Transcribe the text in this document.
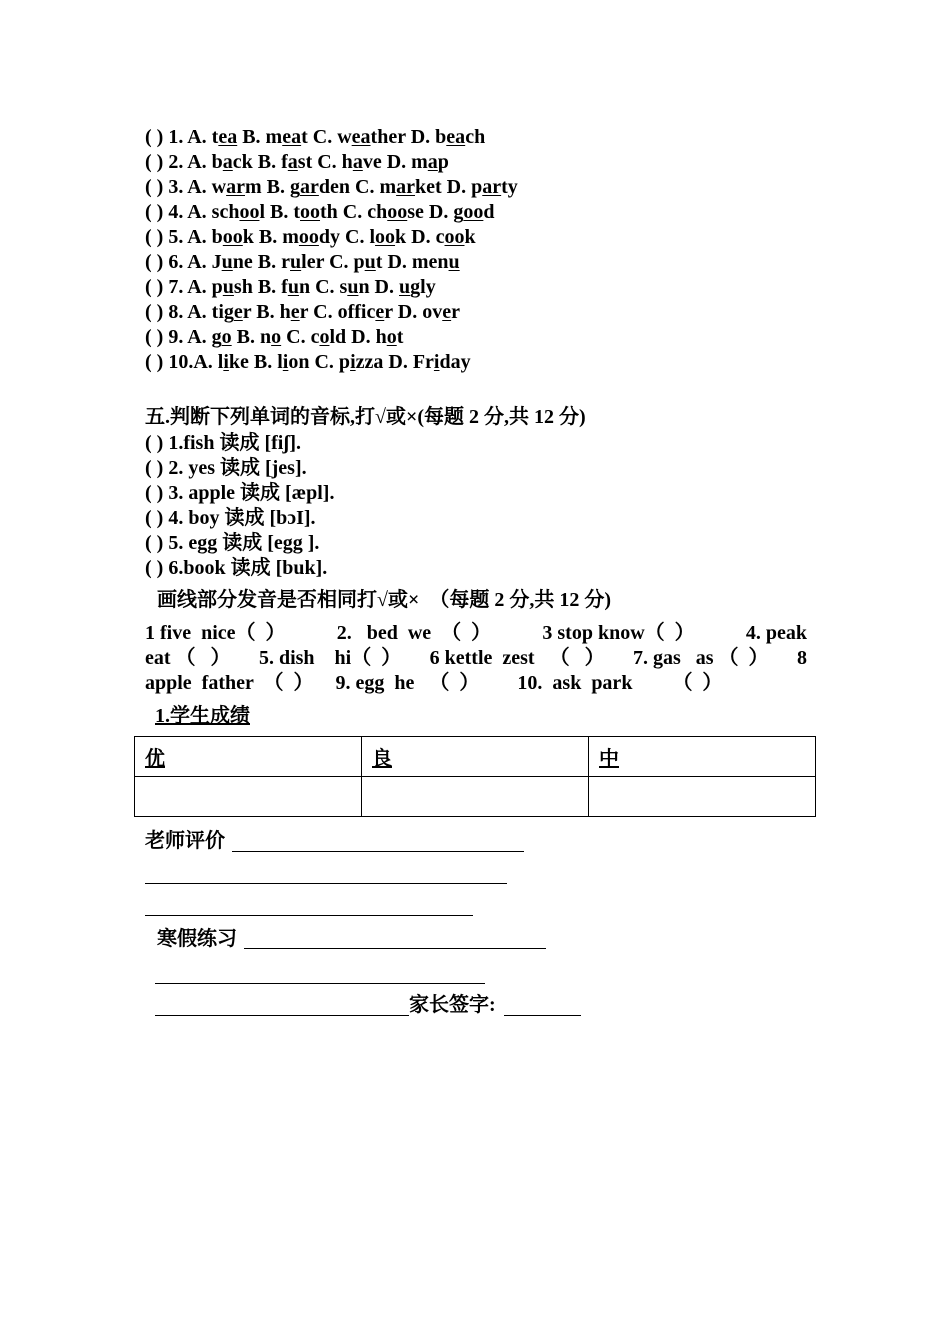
( ) 1. A. tea B. meat C. weather D. beach
( ) 2. A. back B. fast C. have D. map
( ) 3. A. warm B. garden C. market D. party
( ) 4. A. school B. tooth C. choose D. good
( ) 5. A. book B. moody C. look D. cook
( ) 6. A. June B. ruler C. put D. menu
( ) 7. A. push B. fun C. sun D. ugly
( ) 8. A. tiger B. her C. officer D. over
( ) 9. A. go B. no C. cold D. hot
( ) 10.A. like B. lion C. pizza D. Friday
五.判断下列单词的音标,打√或×(每题 2 分,共 12 分)
( ) 1.fish 读成 [fiʃ].
( ) 2. yes 读成 [jes].
( ) 3. apple 读成 [æpl].
( ) 4. boy 读成 [bɔI].
( ) 5. egg 读成 [egg ].
( ) 6.book 读成 [buk].
画线部分发音是否相同打√或×  （每题 2 分,共 12 分)
1 five  nice（  ）	2.   bed  we  （  ）	3 stop know（  ）	4. peak
eat （   ） 5. dish    hi（  ） 6 kettle  zest   （   ） 7. gas   as （  ） 8
apple  father  （  ） 9. egg  he   （  ） 10.  ask  park （  ）
1.学生成绩
优	良	中

老师评价
寒假练习
家长签字:
